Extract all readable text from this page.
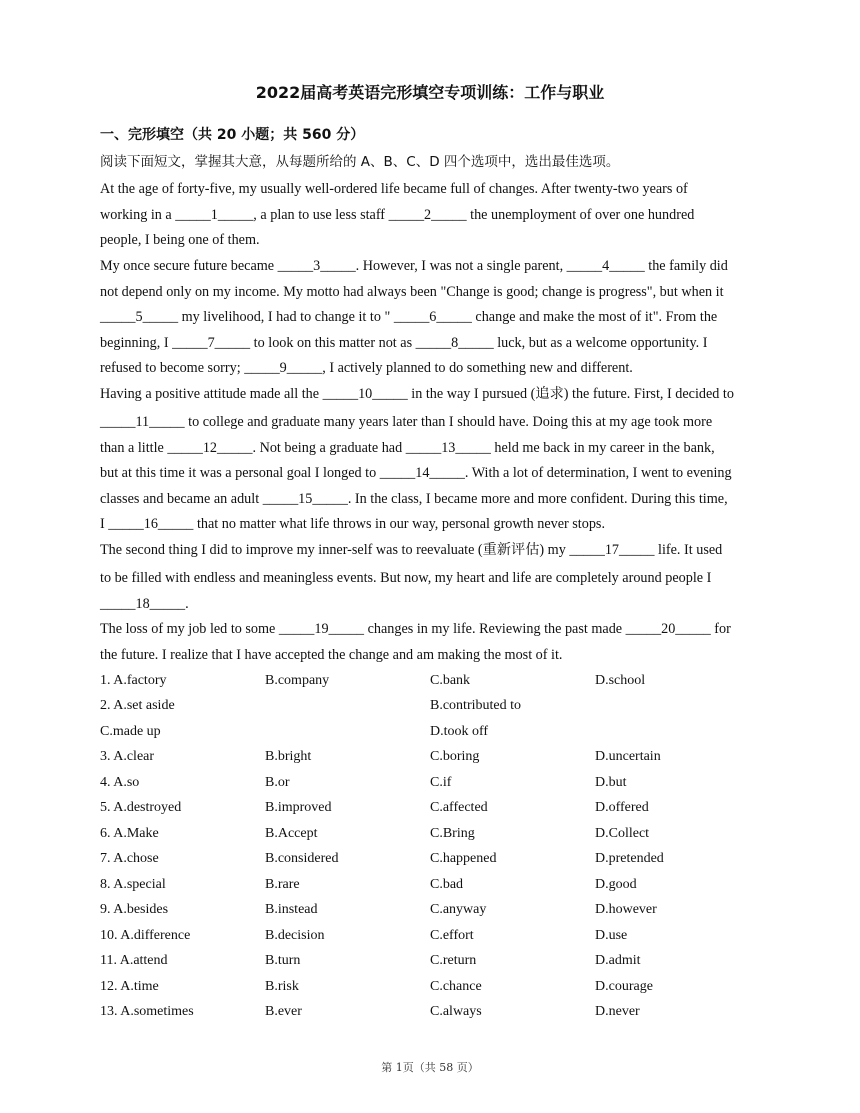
2022届高考英语完形填空专项训练：工作与职业
一、完形填空（共 20 小题；共 560 分）
阅读下面短文，掌握其大意，从每题所给的 A、B、C、D 四个选项中，选出最佳选项。
At the age of forty-five, my usually well-ordered life became full of changes. After twenty-two years of
working in a _____1_____, a plan to use less staff _____2_____ the unemployment of over one hundred
people, I being one of them.
My once secure future became _____3_____. However, I was not a single parent, _____4_____ the family did
not depend only on my income. My motto had always been "Change is good; change is progress", but when it
_____5_____ my livelihood, I had to change it to " _____6_____ change and make the most of it". From the
beginning, I _____7_____ to look on this matter not as _____8_____ luck, but as a welcome opportunity. I
refused to become sorry; _____9_____, I actively planned to do something new and different.
Having a positive attitude made all the _____10_____ in the way I pursued (追求) the future. First, I decided to
_____11_____ to college and graduate many years later than I should have. Doing this at my age took more
than a little _____12_____. Not being a graduate had _____13_____ held me back in my career in the bank,
but at this time it was a personal goal I longed to _____14_____. With a lot of determination, I went to evening
classes and became an adult _____15_____. In the class, I became more and more confident. During this time,
I _____16_____ that no matter what life throws in our way, personal growth never stops.
The second thing I did to improve my inner-self was to reevaluate (重新评估) my _____17_____ life. It used
to be filled with endless and meaningless events. But now, my heart and life are completely around people I
_____18_____.
The loss of my job led to some _____19_____ changes in my life. Reviewing the past made _____20_____ for
the future. I realize that I have accepted the change and am making the most of it.
1. A.factory	B.company	C.bank	D.school
2. A.set aside	B.contributed to
C.made up	D.took off
3. A.clear	B.bright	C.boring	D.uncertain
4. A.so	B.or	C.if	D.but
5. A.destroyed	B.improved	C.affected	D.offered
6. A.Make	B.Accept	C.Bring	D.Collect
7. A.chose	B.considered	C.happened	D.pretended
8. A.special	B.rare	C.bad	D.good
9. A.besides	B.instead	C.anyway	D.however
10. A.difference	B.decision	C.effort	D.use
11. A.attend	B.turn	C.return	D.admit
12. A.time	B.risk	C.chance	D.courage
13. A.sometimes	B.ever	C.always	D.never
第 1页（共 58 页）
